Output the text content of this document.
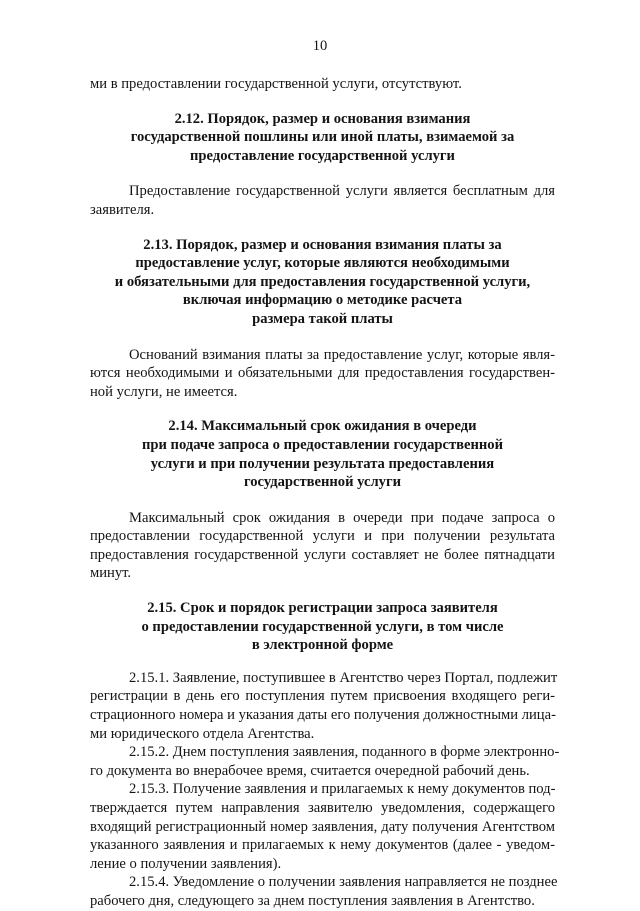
10

ми в предоставлении государственной услуги, отсутствуют.

2.12. Порядок, размер и основания взимания
государственной пошлины или иной платы, взимаемой за
предоставление государственной услуги

Предоставление государственной услуги является бесплатным для
заявителя.

2.13. Порядок, размер и основания взимания платы за
предоставление услуг, которые являются необходимыми
и обязательными для предоставления государственной услуги,
включая информацию о методике расчета
размера такой платы

Оснований взимания платы за предоставление услуг, которые явля-
ются необходимыми и обязательными для предоставления государствен-
ной услуги, не имеется.

2.14. Максимальный срок ожидания в очереди
при подаче запроса о предоставлении государственной
услуги и при получении результата предоставления
государственной услуги

Максимальный срок ожидания в очереди при подаче запроса о
предоставлении государственной услуги и при получении результата
предоставления государственной услуги составляет не более пятнадцати
минут.

2.15. Срок и порядок регистрации запроса заявителя
о предоставлении государственной услуги, в том числе
в электронной форме

2.15.1. Заявление, поступившее в Агентство через Портал, подлежит
регистрации в день его поступления путем присвоения входящего реги-
страционного номера и указания даты его получения должностными лица-
ми юридического отдела Агентства.

2.15.2. Днем поступления заявления, поданного в форме электронно-
го документа во внерабочее время, считается очередной рабочий день.

2.15.3. Получение заявления и прилагаемых к нему документов под-
тверждается путем направления заявителю уведомления, содержащего
входящий регистрационный номер заявления, дату получения Агентством
указанного заявления и прилагаемых к нему документов (далее - уведом-
ление о получении заявления).

2.15.4. Уведомление о получении заявления направляется не позднее
рабочего дня, следующего за днем поступления заявления в Агентство.
